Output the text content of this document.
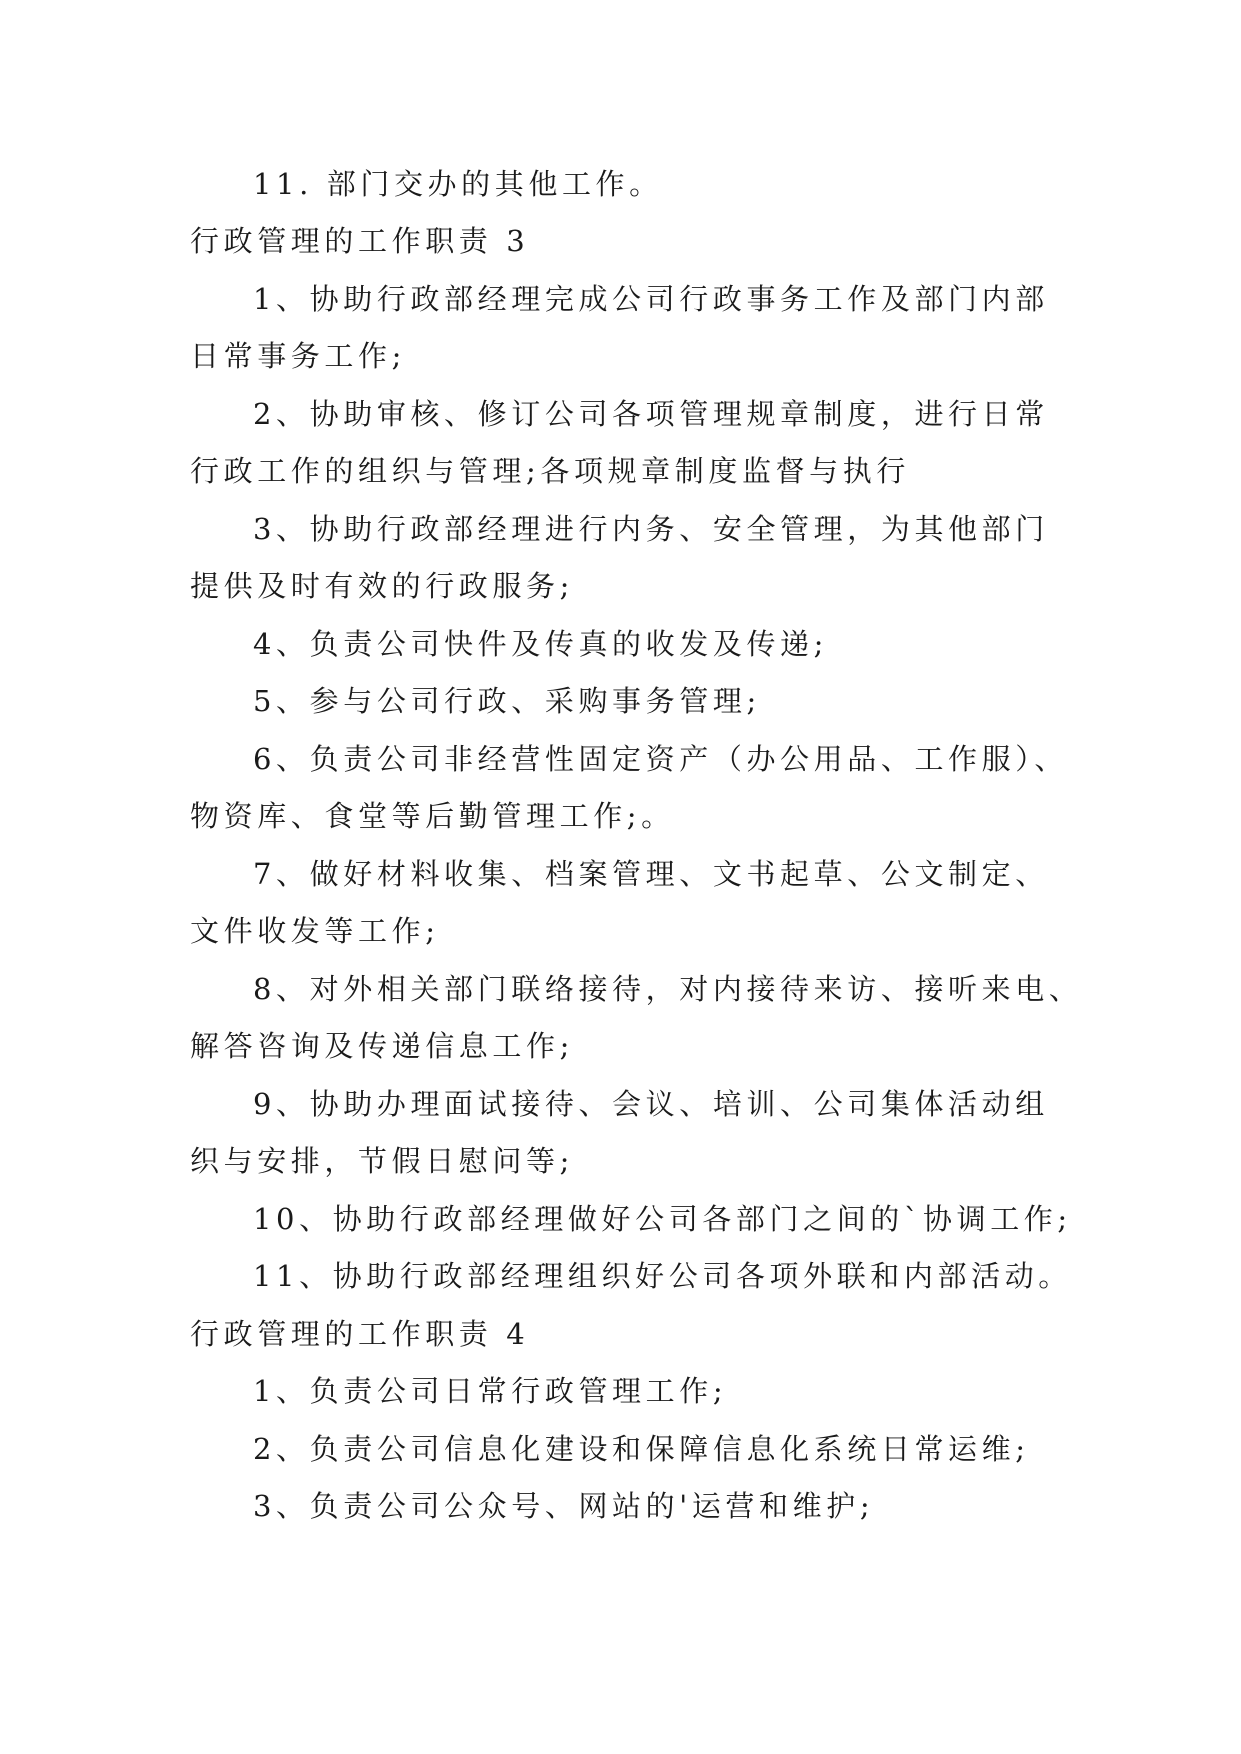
11. 部门交办的其他工作。
行政管理的工作职责 3
1、协助行政部经理完成公司行政事务工作及部门内部
日常事务工作;
2、协助审核、修订公司各项管理规章制度，进行日常
行政工作的组织与管理;各项规章制度监督与执行
3、协助行政部经理进行内务、安全管理，为其他部门
提供及时有效的行政服务;
4、负责公司快件及传真的收发及传递;
5、参与公司行政、采购事务管理;
6、负责公司非经营性固定资产（办公用品、工作服）、
物资库、食堂等后勤管理工作;。
7、做好材料收集、档案管理、文书起草、公文制定、
文件收发等工作;
8、对外相关部门联络接待，对内接待来访、接听来电、
解答咨询及传递信息工作;
9、协助办理面试接待、会议、培训、公司集体活动组
织与安排，节假日慰问等;
10、协助行政部经理做好公司各部门之间的`协调工作;
11、协助行政部经理组织好公司各项外联和内部活动。
行政管理的工作职责 4
1、负责公司日常行政管理工作;
2、负责公司信息化建设和保障信息化系统日常运维;
3、负责公司公众号、网站的'运营和维护;
